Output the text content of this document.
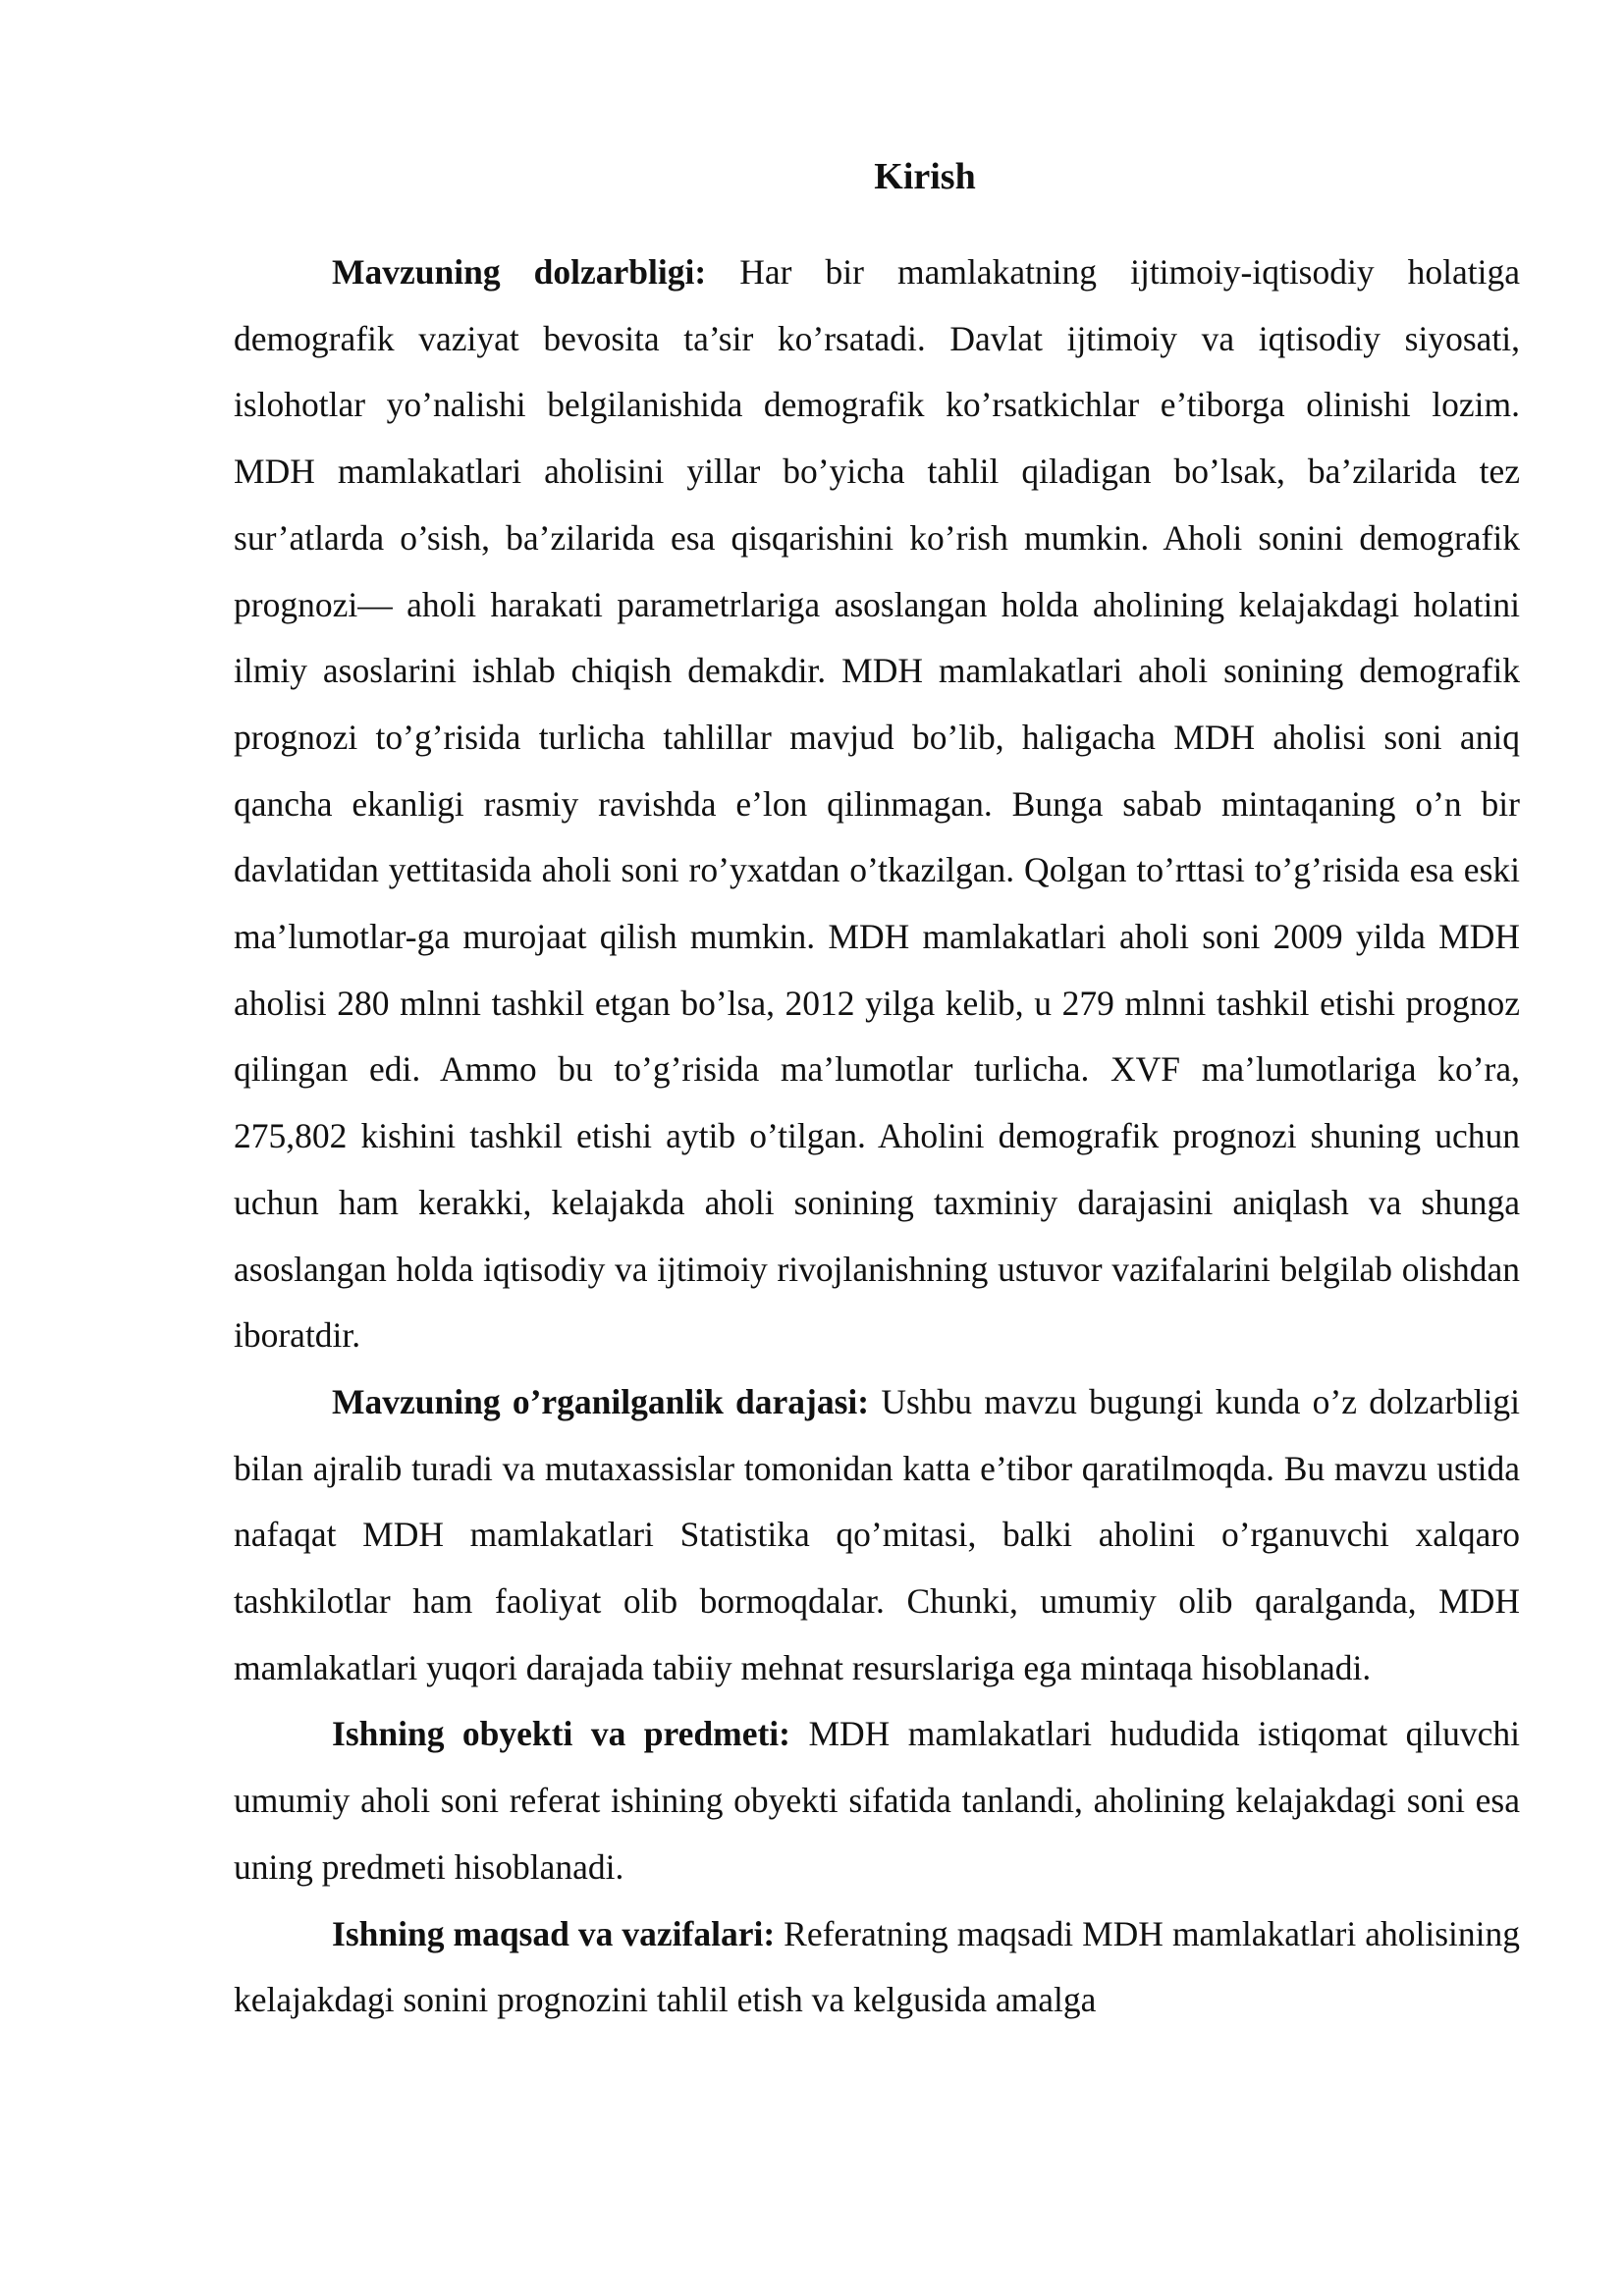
Kirish

Mavzuning dolzarbligi: Har bir mamlakatning ijtimoiy-iqtisodiy holatiga demografik vaziyat bevosita ta’sir ko’rsatadi. Davlat ijtimoiy va iqtisodiy siyosati, islohotlar yo’nalishi belgilanishida demografik ko’rsatkichlar e’tiborga olinishi lozim. MDH mamlakatlari aholisini yillar bo’yicha tahlil qiladigan bo’lsak, ba’zilarida tez sur’atlarda o’sish, ba’zilarida esa qisqarishini ko’rish mumkin. Aholi sonini demografik prognozi— aholi harakati parametrlariga asoslangan holda aholining kelajakdagi holatini ilmiy asoslarini ishlab chiqish demakdir. MDH mamlakatlari aholi sonining demografik prognozi to’g’risida turlicha tahlillar mavjud bo’lib, haligacha MDH aholisi soni aniq qancha ekanligi rasmiy ravishda e’lon qilinmagan. Bunga sabab mintaqaning o’n bir davlatidan yettitasida aholi soni ro’yxatdan o’tkazilgan. Qolgan to’rttasi to’g’risida esa eski ma’lumotlar-ga murojaat qilish mumkin. MDH mamlakatlari aholi soni 2009 yilda MDH aholisi 280 mlnni tashkil etgan bo’lsa, 2012 yilga kelib, u 279 mlnni tashkil etishi prognoz qilingan edi. Ammo bu to’g’risida ma’lumotlar turlicha. XVF ma’lumotlariga ko’ra, 275,802 kishini tashkil etishi aytib o’tilgan. Aholini demografik prognozi shuning uchun uchun ham kerakki, kelajakda aholi sonining taxminiy darajasini aniqlash va shunga asoslangan holda iqtisodiy va ijtimoiy rivojlanishning ustuvor vazifalarini belgilab olishdan iboratdir.

Mavzuning o’rganilganlik darajasi: Ushbu mavzu bugungi kunda o’z dolzarbligi bilan ajralib turadi va mutaxassislar tomonidan katta e’tibor qaratilmoqda. Bu mavzu ustida nafaqat MDH mamlakatlari Statistika qo’mitasi, balki aholini o’rganuvchi xalqaro tashkilotlar ham faoliyat olib bormoqdalar. Chunki, umumiy olib qaralganda, MDH mamlakatlari yuqori darajada tabiiy mehnat resurslariga ega mintaqa hisoblanadi.

Ishning obyekti va predmeti: MDH mamlakatlari hududida istiqomat qiluvchi umumiy aholi soni referat ishining obyekti sifatida tanlandi, aholining kelajakdagi soni esa uning predmeti hisoblanadi.

Ishning maqsad va vazifalari: Referatning maqsadi MDH mamlakatlari aholisining kelajakdagi sonini prognozini tahlil etish va kelgusida amalga
